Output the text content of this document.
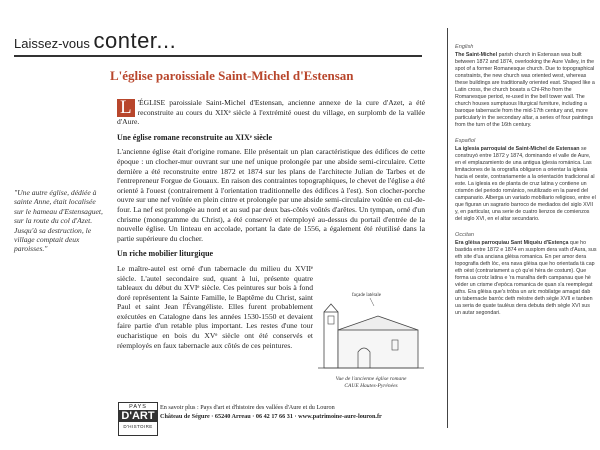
Laissez-vous conter...
L'église paroissiale Saint-Michel d'Estensan

L 'ÉGLISE paroissiale Saint-Michel d'Estensan, ancienne annexe de la cure d'Azet, a été reconstruite au cours du XIXᵉ siècle à l'extrémité ouest du village, en surplomb de la vallée d'Aure.

Une église romane reconstruite au XIXᵉ siècle

L'ancienne église était d'origine romane. Elle présentait un plan caractéristique des édifices de cette époque : un clocher-mur ouvrant sur une nef unique prolongée par une abside semi-circulaire. Cette dernière a été reconstruite entre 1872 et 1874 sur les plans de l'architecte Julian de Tarbes et de l'entrepreneur Forgue de Gouaux. En raison des contraintes topographiques, le chevet de l'église a été orienté à l'ouest (contrairement à l'orientation traditionnelle des édifices à l'est). Son clocher-porche ouvre sur une nef voûtée en plein cintre et prolongée par une abside semi-circulaire voûtée en cul-de-four. La nef est prolongée au nord et au sud par deux bas-côtés voûtés d'arêtes. Un tympan, orné d'un chrisme (monogramme du Christ), a été conservé et réemployé au-dessus du portail d'entrée de la nouvelle église. Un linteau en accolade, portant la date de 1556, a également été réutilisé dans la partie supérieure du clocher.

Un riche mobilier liturgique

Le maître-autel est orné d'un tabernacle du milieu du XVIIᵉ siècle. L'autel secondaire sud, quant à lui, présente quatre tableaux du début du XVIᵉ siècle. Ces peintures sur bois à fond doré représentent la Sainte Famille, le Baptême du Christ, saint Paul et saint Jean l'Évangéliste. Elles furent probablement exécutées en Catalogne dans les années 1530-1550 et devaient faire partie d'un retable plus important. Les restes d'une tour eucharistique en bois du XVᵉ siècle ont été conservés et réemployés en faux tabernacle aux côtés de ces peintures.

"Une autre église, dédiée à sainte Anne, était localisée sur le hameau d'Estensaguet, sur la route du col d'Azet. Jusqu'à sa destruction, le village comptait deux paroisses."
façade latérale
Vue de l'ancienne église romane
CAUE Hautes-Pyrénées
PAYS
D'ART
D'HISTOIRE
En savoir plus : Pays d'art et d'histoire des vallées d'Aure et du Louron
Château de Ségure · 65240 Arreau · 06 42 17 66 31 · www.patrimoine-aure-louron.fr
English

The Saint-Michel parish church in Estensan was built between 1872 and 1874, overlooking the Aure Valley, in the spot of a former Romanesque church. Due to topographical constraints, the new church was oriented west, whereas these buildings are traditionally oriented east. Shaped like a Latin cross, the church boasts a Chi-Rho from the Romanesque period, re-used in the bell tower wall. The church houses sumptuous liturgical furniture, including a baroque tabernacle from the mid-17th century and, more particularly in the secondary altar, a series of four paintings from the turn of the 16th century.

Español

La iglesia parroquial de Saint-Michel de Estensan se construyó entre 1872 y 1874, dominando el valle de Aure, en el emplazamiento de una antigua iglesia románica. Las limitaciones de la orografía obligaron a orientar la iglesia hacia el oeste, contrariamente a la orientación tradicional al este. La iglesia es de planta de cruz latina y contiene un crismón del periodo románico, reutilizado en la pared del campanario. Alberga un variado mobiliario religioso, entre el que figuran un sagrario barroco de mediados del siglo XVII y, en particular, una serie de cuatro lienzos de comienzos del siglo XVI, en el altar secundario.

Occitan

Era glèisa parroquiau Sant Miquèu d'Estença que ho bastida entre 1872 e 1874 en susplom dera vath d'Aura, sus eth site d'ua anciana glèisa romanica. En per amor dera topografia deth lòc, era nava glèisa que ho orientada tà cap eth oèst (contrariament a çò qu'ei hèra de costum). Que forma ua crotz latina e 'ra muralha deth campanau que hè véder un crisme d'epòca romanica de quan s'a reemplegat aths. Era glèisa que's tròba un aric mobilatge amagat dab un tabernacle barròc deth mèstre deth sègle XVII e tanben ua seria de quate taulèus dera debuta deth sègle XVI sus un autar segondari.
